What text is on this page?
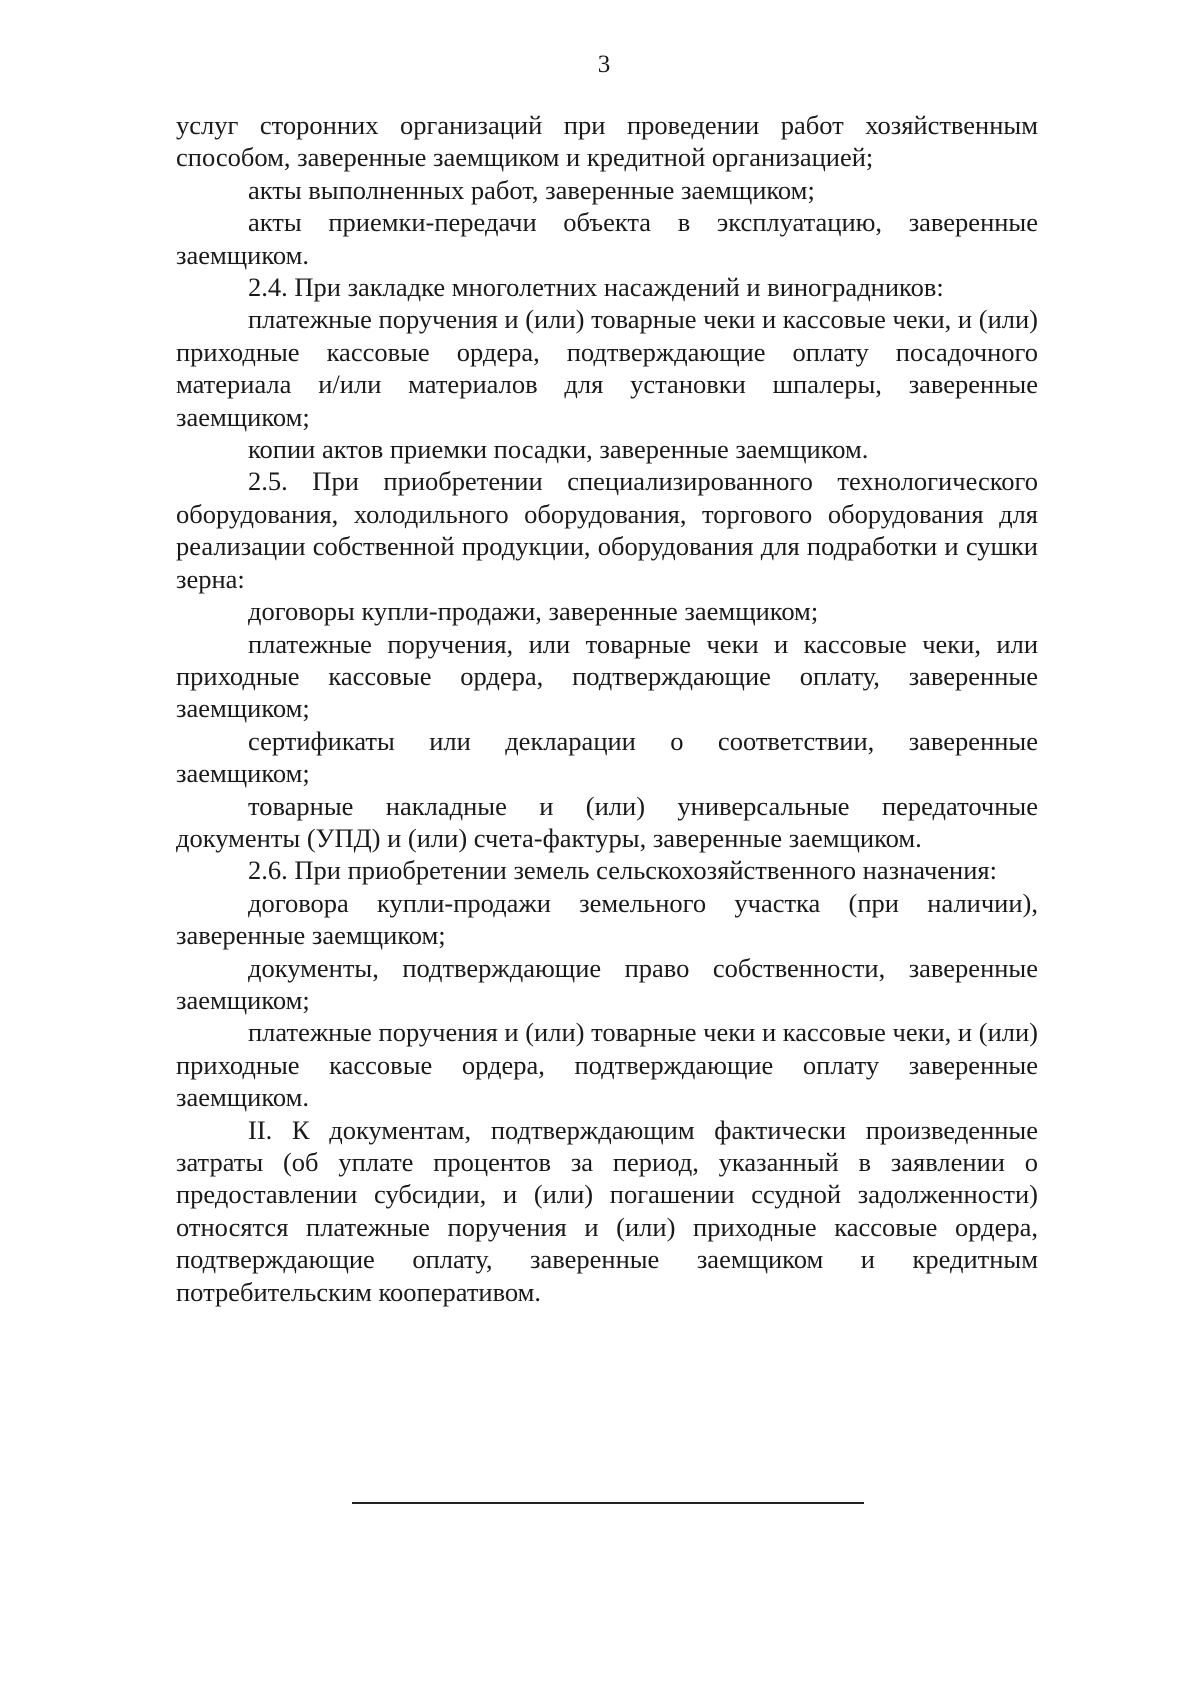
3

услуг сторонних организаций при проведении работ хозяйственным способом, заверенные заемщиком и кредитной организацией;

акты выполненных работ, заверенные заемщиком;

акты приемки-передачи объекта в эксплуатацию, заверенные заемщиком.

2.4. При закладке многолетних насаждений и виноградников:

платежные поручения и (или) товарные чеки и кассовые чеки, и (или) приходные кассовые ордера, подтверждающие оплату посадочного материала и/или материалов для установки шпалеры, заверенные заемщиком;

копии актов приемки посадки, заверенные заемщиком.

2.5. При приобретении специализированного технологического оборудования, холодильного оборудования, торгового оборудования для реализации собственной продукции, оборудования для подработки и сушки зерна:

договоры купли-продажи, заверенные заемщиком;

платежные поручения, или товарные чеки и кассовые чеки, или приходные кассовые ордера, подтверждающие оплату, заверенные заемщиком;

сертификаты или декларации о соответствии, заверенные заемщиком;

товарные накладные и (или) универсальные передаточные документы (УПД) и (или) счета-фактуры, заверенные заемщиком.

2.6. При приобретении земель сельскохозяйственного назначения:

договора купли-продажи земельного участка (при наличии), заверенные заемщиком;

документы, подтверждающие право собственности, заверенные заемщиком;

платежные поручения и (или) товарные чеки и кассовые чеки, и (или) приходные кассовые ордера, подтверждающие оплату заверенные заемщиком.

II. К документам, подтверждающим фактически произведенные затраты (об уплате процентов за период, указанный в заявлении о предоставлении субсидии, и (или) погашении ссудной задолженности) относятся платежные поручения и (или) приходные кассовые ордера, подтверждающие оплату, заверенные заемщиком и кредитным потребительским кооперативом.
